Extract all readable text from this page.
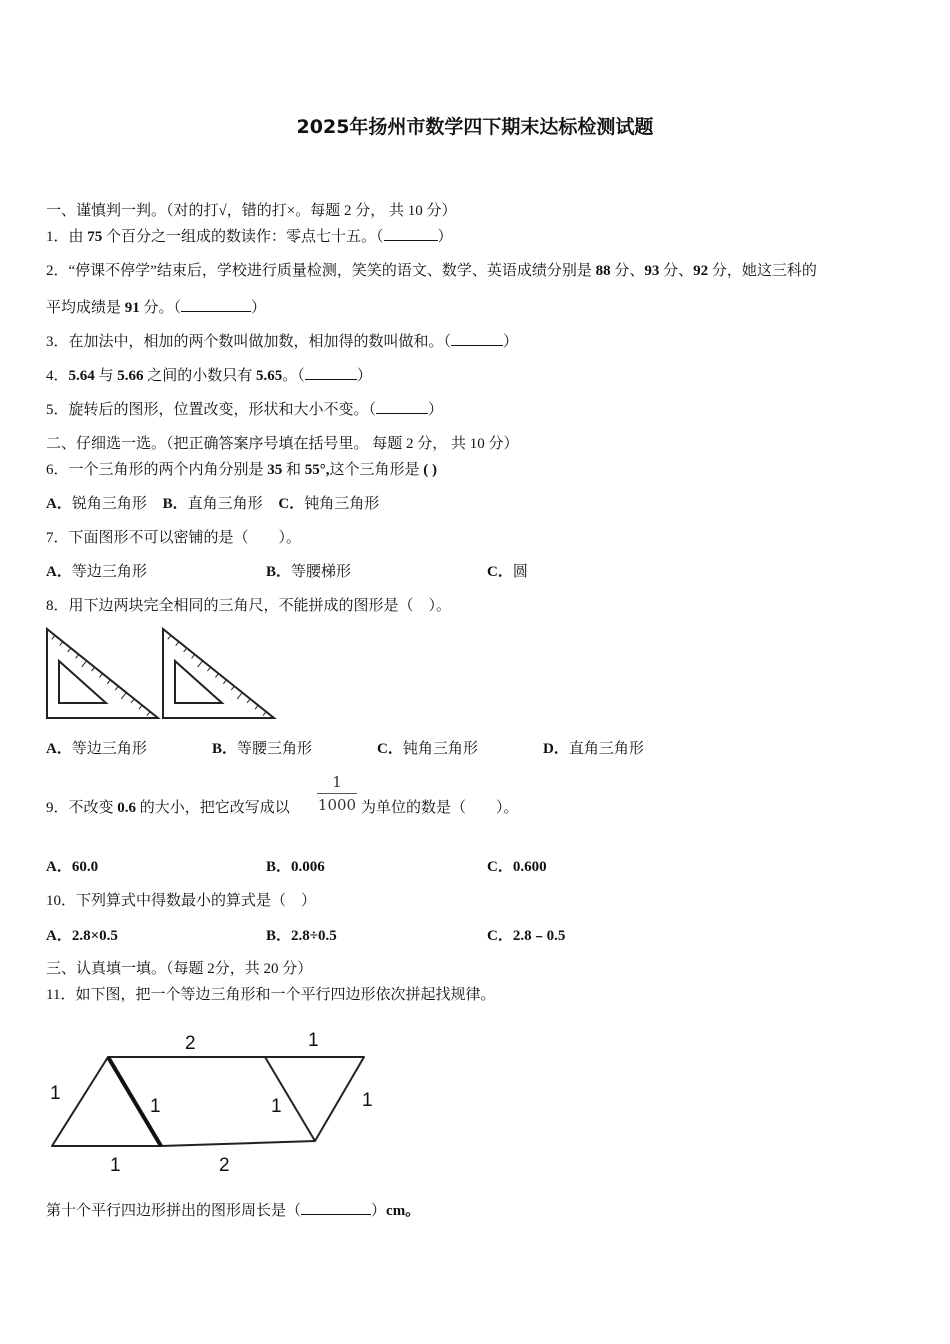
2025年扬州市数学四下期末达标检测试题
一、谨慎判一判。（对的打√，错的打×。每题 2 分， 共 10 分）
1．由 75 个百分之一组成的数读作：零点七十五。（	）
2．“停课不停学”结束后，学校进行质量检测，笑笑的语文、数学、英语成绩分别是 88 分、93 分、92 分，她这三科的
平均成绩是 91 分。（	）
3．在加法中，相加的两个数叫做加数，相加得的数叫做和。（	）
4．5.64 与 5.66 之间的小数只有 5.65。（	）
5．旋转后的图形，位置改变，形状和大小不变。（	）
二、仔细选一选。（把正确答案序号填在括号里。 每题 2 分， 共 10 分）
6．一个三角形的两个内角分别是 35 和 55°,这个三角形是 ( )
A．锐角三角形 B．直角三角形 C．钝角三角形
7．下面图形不可以密铺的是（　　）。
A．等边三角形	B．等腰梯形	C．圆
8．用下边两块完全相同的三角尺，不能拼成的图形是（　）。
A．等边三角形	B．等腰三角形	C．钝角三角形	D．直角三角形
9．不改变 0.6 的大小，把它改写成以
1
1000 为单位的数是（　　）。
A．60.0	B．0.006	C．0.600
10．下列算式中得数最小的算式是（　）
A．2.8×0.5	B．2.8÷0.5	C．2.8﹣0.5
三、认真填一填。（每题 2分，共 20 分）
11．如下图，把一个等边三角形和一个平行四边形依次拼起找规律。
2	1
1
1	1	1
1	2
第十个平行四边形拼出的图形周长是（	）cm。
